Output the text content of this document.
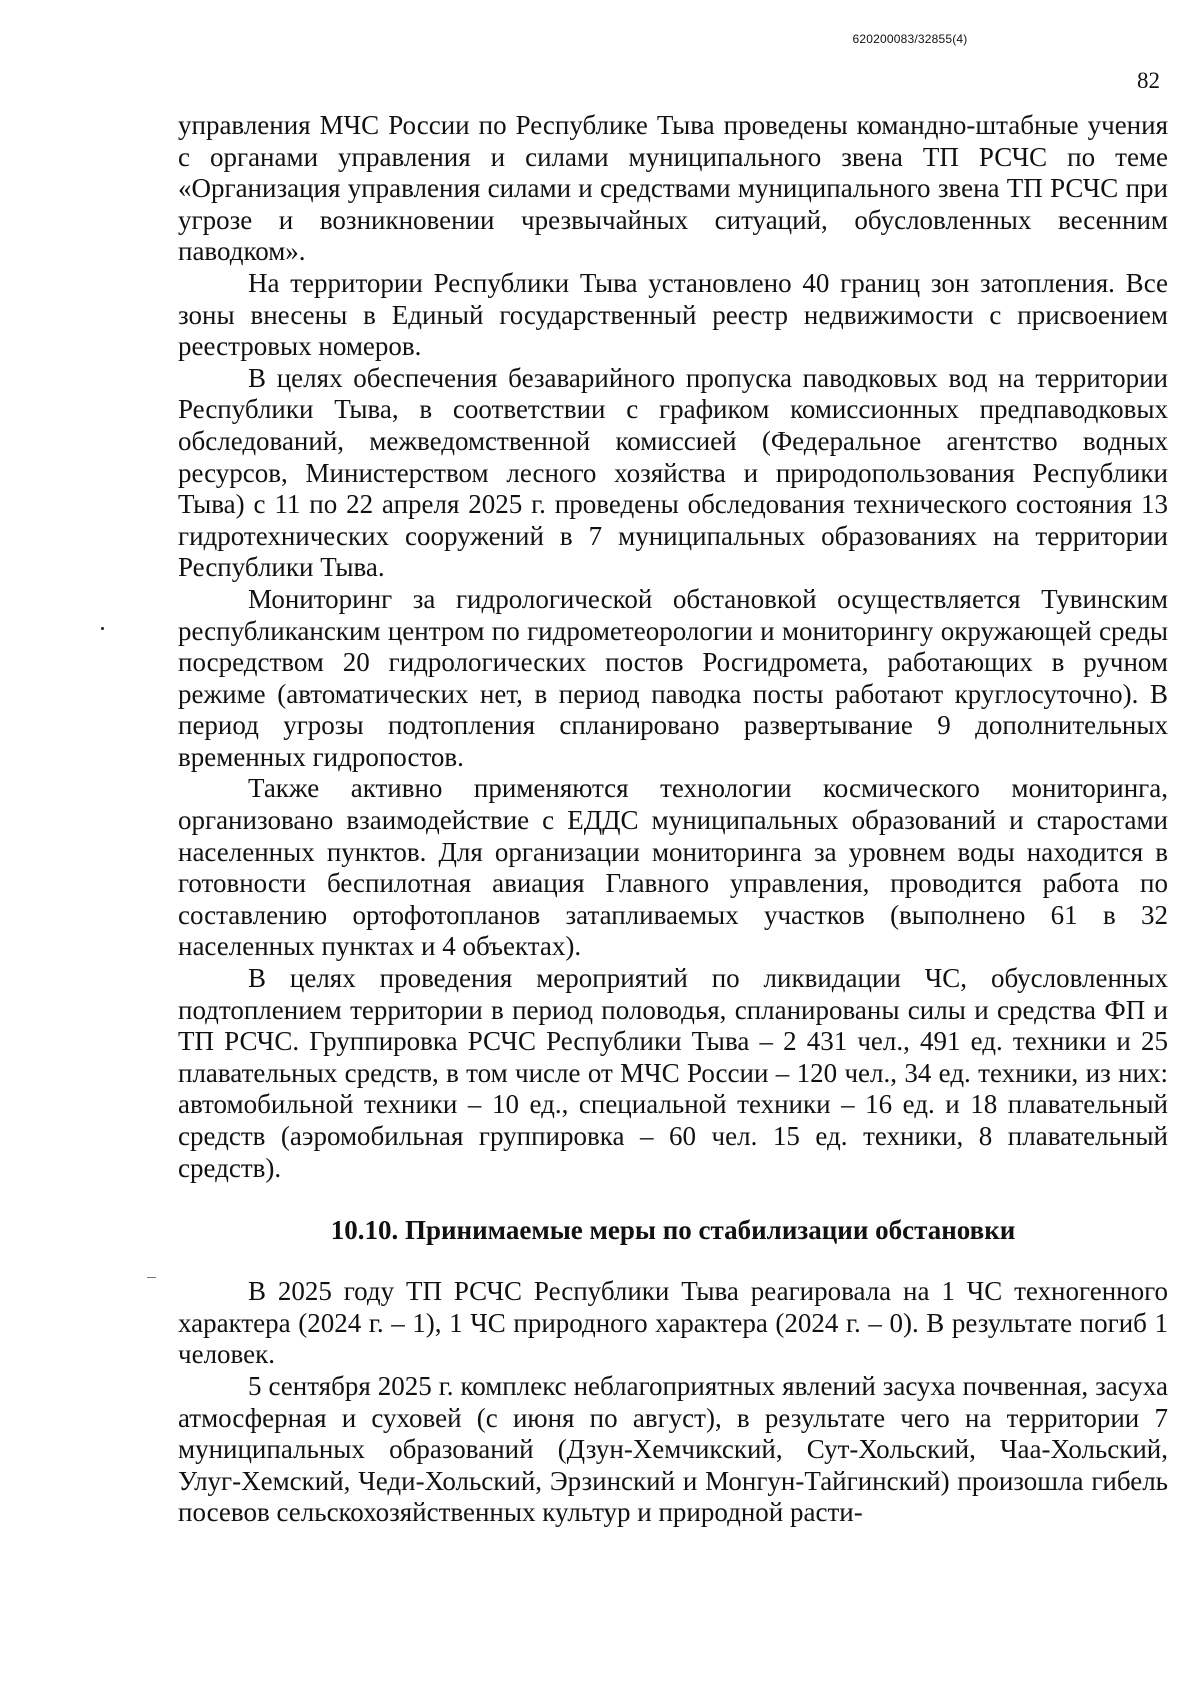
620200083/32855(4)
82

управления МЧС России по Республике Тыва проведены командно-штабные учения с органами управления и силами муниципального звена ТП РСЧС по теме «Организация управления силами и средствами муниципального звена ТП РСЧС при угрозе и возникновении чрезвычайных ситуаций, обусловленных весенним паводком».

На территории Республики Тыва установлено 40 границ зон затопления. Все зоны внесены в Единый государственный реестр недвижимости с присвоением реестровых номеров.

В целях обеспечения безаварийного пропуска паводковых вод на территории Республики Тыва, в соответствии с графиком комиссионных предпаводковых обследований, межведомственной комиссией (Федеральное агентство водных ресурсов, Министерством лесного хозяйства и природопользования Республики Тыва) с 11 по 22 апреля 2025 г. проведены обследования технического состояния 13 гидротехнических сооружений в 7 муниципальных образованиях на территории Республики Тыва.

Мониторинг за гидрологической обстановкой осуществляется Тувинским республиканским центром по гидрометеорологии и мониторингу окружающей среды посредством 20 гидрологических постов Росгидромета, работающих в ручном режиме (автоматических нет, в период паводка посты работают круглосуточно). В период угрозы подтопления спланировано развертывание 9 дополнительных временных гидропостов.

Также активно применяются технологии космического мониторинга, организовано взаимодействие с ЕДДС муниципальных образований и старостами населенных пунктов. Для организации мониторинга за уровнем воды находится в готовности беспилотная авиация Главного управления, проводится работа по составлению ортофотопланов затапливаемых участков (выполнено 61 в 32 населенных пунктах и 4 объектах).

В целях проведения мероприятий по ликвидации ЧС, обусловленных подтоплением территории в период половодья, спланированы силы и средства ФП и ТП РСЧС. Группировка РСЧС Республики Тыва – 2 431 чел., 491 ед. техники и 25 плавательных средств, в том числе от МЧС России – 120 чел., 34 ед. техники, из них: автомобильной техники – 10 ед., специальной техники – 16 ед. и 18 плавательный средств (аэромобильная группировка – 60 чел. 15 ед. техники, 8 плавательный средств).

10.10. Принимаемые меры по стабилизации обстановки

В 2025 году ТП РСЧС Республики Тыва реагировала на 1 ЧС техногенного характера (2024 г. – 1), 1 ЧС природного характера (2024 г. – 0). В результате погиб 1 человек.

5 сентября 2025 г. комплекс неблагоприятных явлений засуха почвенная, засуха атмосферная и суховей (с июня по август), в результате чего на территории 7 муниципальных образований (Дзун-Хемчикский, Сут-Хольский, Чаа-Хольский, Улуг-Хемский, Чеди-Хольский, Эрзинский и Монгун-Тайгинский) произошла гибель посевов сельскохозяйственных культур и природной расти-
